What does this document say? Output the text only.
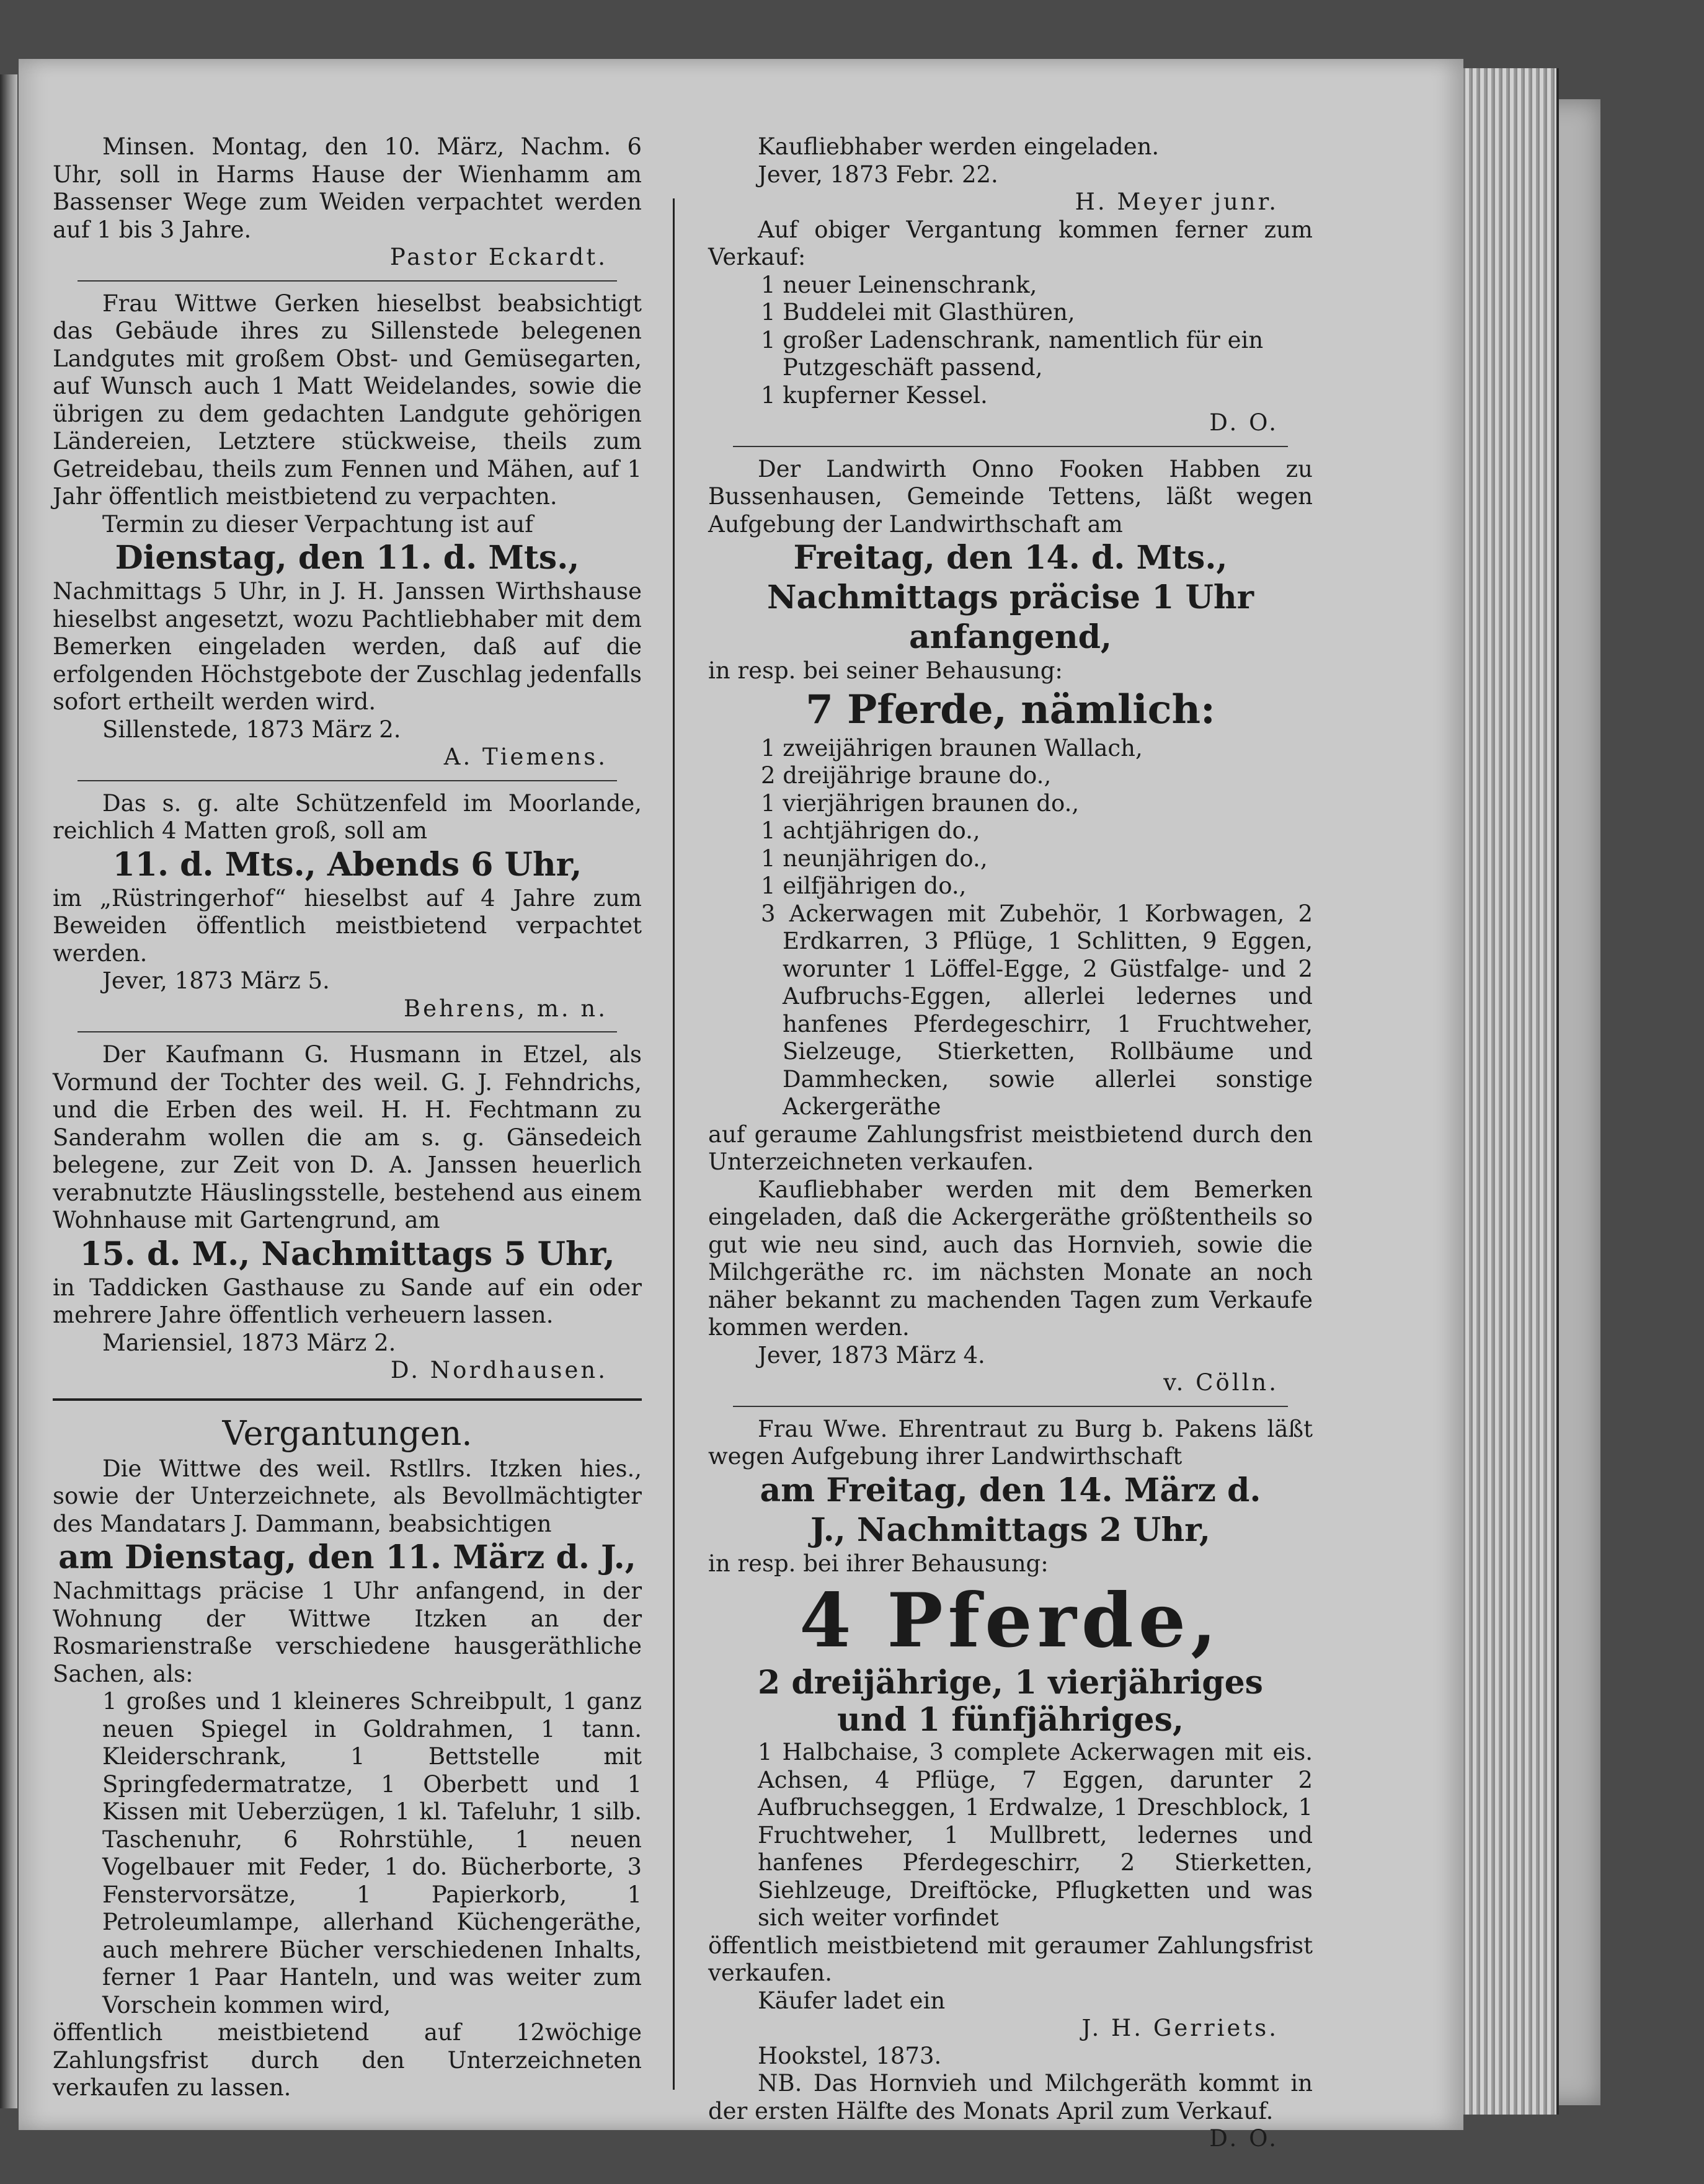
Minsen. Montag, den 10. März, Nachm. 6 Uhr, soll in Harms Hause der Wienhamm am Bassenser Wege zum Weiden verpachtet werden auf 1 bis 3 Jahre.

Pastor Eckardt.

Frau Wittwe Gerken hieselbst beabsichtigt das Gebäude ihres zu Sillenstede belegenen Landgutes mit großem Obst- und Gemüsegarten, auf Wunsch auch 1 Matt Weidelandes, sowie die übrigen zu dem gedachten Landgute gehörigen Ländereien, Letztere stückweise, theils zum Getreidebau, theils zum Fennen und Mähen, auf 1 Jahr öffentlich meistbietend zu verpachten.

Termin zu dieser Verpachtung ist auf

Dienstag, den 11. d. Mts.,

Nachmittags 5 Uhr, in J. H. Janssen Wirthshause hieselbst angesetzt, wozu Pachtliebhaber mit dem Bemerken eingeladen werden, daß auf die erfolgenden Höchstgebote der Zuschlag jedenfalls sofort ertheilt werden wird.

Sillenstede, 1873 März 2.

A. Tiemens.

Das s. g. alte Schützenfeld im Moorlande, reichlich 4 Matten groß, soll am

11. d. Mts., Abends 6 Uhr,

im „Rüstringerhof“ hieselbst auf 4 Jahre zum Beweiden öffentlich meistbietend verpachtet werden.

Jever, 1873 März 5.

Behrens, m. n.

Der Kaufmann G. Husmann in Etzel, als Vormund der Tochter des weil. G. J. Fehndrichs, und die Erben des weil. H. H. Fechtmann zu Sanderahm wollen die am s. g. Gänsedeich belegene, zur Zeit von D. A. Janssen heuerlich verabnutzte Häuslingsstelle, bestehend aus einem Wohnhause mit Gartengrund, am

15. d. M., Nachmittags 5 Uhr,

in Taddicken Gasthause zu Sande auf ein oder mehrere Jahre öffentlich verheuern lassen.

Mariensiel, 1873 März 2.

D. Nordhausen.

Vergantungen.

Die Wittwe des weil. Rstllrs. Itzken hies., sowie der Unterzeichnete, als Bevollmächtigter des Mandatars J. Dammann, beabsichtigen

am Dienstag, den 11. März d. J.,

Nachmittags präcise 1 Uhr anfangend, in der Wohnung der Wittwe Itzken an der Rosmarienstraße verschiedene hausgeräthliche Sachen, als:

1 großes und 1 kleineres Schreibpult, 1 ganz neuen Spiegel in Goldrahmen, 1 tann. Kleiderschrank, 1 Bettstelle mit Springfedermatratze, 1 Oberbett und 1 Kissen mit Ueberzügen, 1 kl. Tafeluhr, 1 silb. Taschenuhr, 6 Rohrstühle, 1 neuen Vogelbauer mit Feder, 1 do. Bücherborte, 3 Fenstervorsätze, 1 Papierkorb, 1 Petroleumlampe, allerhand Küchengeräthe, auch mehrere Bücher verschiedenen Inhalts, ferner 1 Paar Hanteln, und was weiter zum Vorschein kommen wird,

öffentlich meistbietend auf 12wöchige Zahlungsfrist durch den Unterzeichneten verkaufen zu lassen.

Kaufliebhaber werden eingeladen.

Jever, 1873 Febr. 22.

H. Meyer junr.

Auf obiger Vergantung kommen ferner zum Verkauf:

1 neuer Leinenschrank,

1 Buddelei mit Glasthüren,

1 großer Ladenschrank, namentlich für ein Putzgeschäft passend,

1 kupferner Kessel.

D. O.

Der Landwirth Onno Fooken Habben zu Bussenhausen, Gemeinde Tettens, läßt wegen Aufgebung der Landwirthschaft am

Freitag, den 14. d. Mts., Nachmittags präcise 1 Uhr anfangend,

in resp. bei seiner Behausung:

7 Pferde, nämlich:

1 zweijährigen braunen Wallach,

2 dreijährige braune do.,

1 vierjährigen braunen do.,

1 achtjährigen do.,

1 neunjährigen do.,

1 eilfjährigen do.,

3 Ackerwagen mit Zubehör, 1 Korbwagen, 2 Erdkarren, 3 Pflüge, 1 Schlitten, 9 Eggen, worunter 1 Löffel-Egge, 2 Güstfalge- und 2 Aufbruchs-Eggen, allerlei ledernes und hanfenes Pferdegeschirr, 1 Fruchtweher, Sielzeuge, Stierketten, Rollbäume und Dammhecken, sowie allerlei sonstige Ackergeräthe

auf geraume Zahlungsfrist meistbietend durch den Unterzeichneten verkaufen.

Kaufliebhaber werden mit dem Bemerken eingeladen, daß die Ackergeräthe größtentheils so gut wie neu sind, auch das Hornvieh, sowie die Milchgeräthe rc. im nächsten Monate an noch näher bekannt zu machenden Tagen zum Verkaufe kommen werden.

Jever, 1873 März 4.

v. Cölln.

Frau Wwe. Ehrentraut zu Burg b. Pakens läßt wegen Aufgebung ihrer Landwirthschaft

am Freitag, den 14. März d. J., Nachmittags 2 Uhr,

in resp. bei ihrer Behausung:

4 Pferde,

2 dreijährige, 1 vierjähriges und 1 fünfjähriges,

1 Halbchaise, 3 complete Ackerwagen mit eis. Achsen, 4 Pflüge, 7 Eggen, darunter 2 Aufbruchseggen, 1 Erdwalze, 1 Dreschblock, 1 Fruchtweher, 1 Mullbrett, ledernes und hanfenes Pferdegeschirr, 2 Stierketten, Siehlzeuge, Dreiftöcke, Pflugketten und was sich weiter vorfindet

öffentlich meistbietend mit geraumer Zahlungsfrist verkaufen.

Käufer ladet ein

J. H. Gerriets.

Hookstel, 1873.

NB. Das Hornvieh und Milchgeräth kommt in der ersten Hälfte des Monats April zum Verkauf.

D. O.
